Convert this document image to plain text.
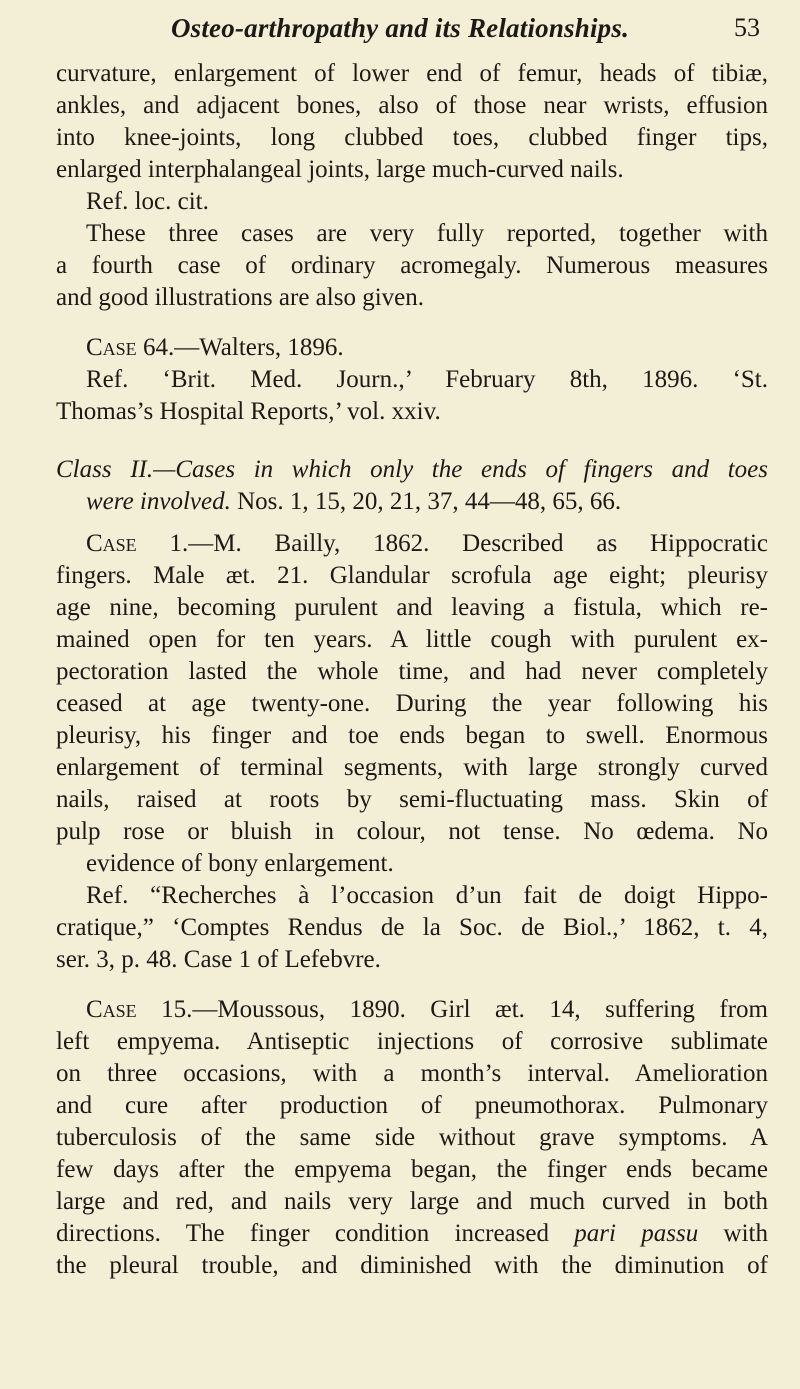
Osteo-arthropathy and its Relationships.	53
curvature, enlargement of lower end of femur, heads of tibiæ,
ankles, and adjacent bones, also of those near wrists, effusion
into knee-joints, long clubbed toes, clubbed finger tips,
enlarged interphalangeal joints, large much-curved nails.
Ref. loc. cit.
These three cases are very fully reported, together with
a fourth case of ordinary acromegaly. Numerous measures
and good illustrations are also given.
Case 64.—Walters, 1896.
Ref. ‘Brit. Med. Journ.,’ February 8th, 1896. ‘St.
Thomas’s Hospital Reports,’ vol. xxiv.
Class II.—Cases in which only the ends of fingers and toes
were involved. Nos. 1, 15, 20, 21, 37, 44—48, 65, 66.
Case 1.—M. Bailly, 1862. Described as Hippocratic
fingers. Male æt. 21. Glandular scrofula age eight; pleurisy
age nine, becoming purulent and leaving a fistula, which re-
mained open for ten years. A little cough with purulent ex-
pectoration lasted the whole time, and had never completely
ceased at age twenty-one. During the year following his
pleurisy, his finger and toe ends began to swell. Enormous
enlargement of terminal segments, with large strongly curved
nails, raised at roots by semi-fluctuating mass. Skin of
pulp rose or bluish in colour, not tense. No œdema. No
evidence of bony enlargement.
Ref. “Recherches à l’occasion d’un fait de doigt Hippo-
cratique,” ‘Comptes Rendus de la Soc. de Biol.,’ 1862, t. 4,
ser. 3, p. 48. Case 1 of Lefebvre.
Case 15.—Moussous, 1890. Girl æt. 14, suffering from
left empyema. Antiseptic injections of corrosive sublimate
on three occasions, with a month’s interval. Amelioration
and cure after production of pneumothorax. Pulmonary
tuberculosis of the same side without grave symptoms. A
few days after the empyema began, the finger ends became
large and red, and nails very large and much curved in both
directions. The finger condition increased pari passu with
the pleural trouble, and diminished with the diminution of
